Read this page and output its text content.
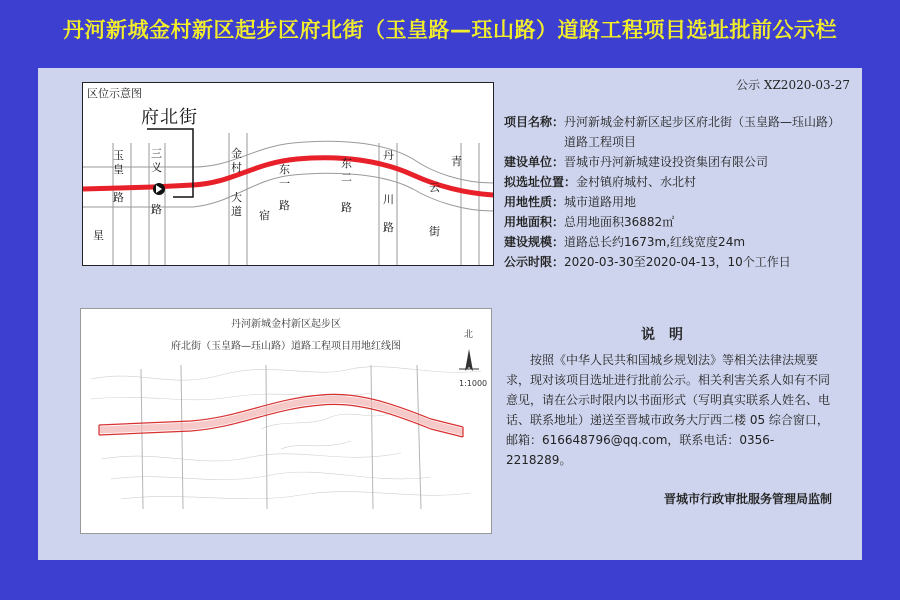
丹河新城金村新区起步区府北街（玉皇路—珏山路）道路工程项目选址批前公示栏
公示 XZ2020-03-27
区位示意图
府北街
玉
皇
路
星
三
义
路
金
村
大
道 宿
东
一
路
东
二
路
丹
川
路
青
云
街
丹河新城金村新区起步区
府北街（玉皇路—珏山路）道路工程项目用地红线图
北
1:1000
项目名称： 丹河新城金村新区起步区府北街（玉皇路—珏山路）
道路工程项目
建设单位： 晋城市丹河新城建设投资集团有限公司
拟选址位置： 金村镇府城村、水北村
用地性质： 城市道路用地
用地面积： 总用地面积36882㎡
建设规模： 道路总长约1673m,红线宽度24m
公示时限： 2020-03-30至2020-04-13，10个工作日
说明

按照《中华人民共和国城乡规划法》等相关法律法规要求，现对该项目选址进行批前公示。相关利害关系人如有不同意见，请在公示时限内以书面形式（写明真实联系人姓名、电话、联系地址）递送至晋城市政务大厅西二楼 05 综合窗口，邮箱：616648796@qq.com，联系电话：0356-2218289。

晋城市行政审批服务管理局监制
